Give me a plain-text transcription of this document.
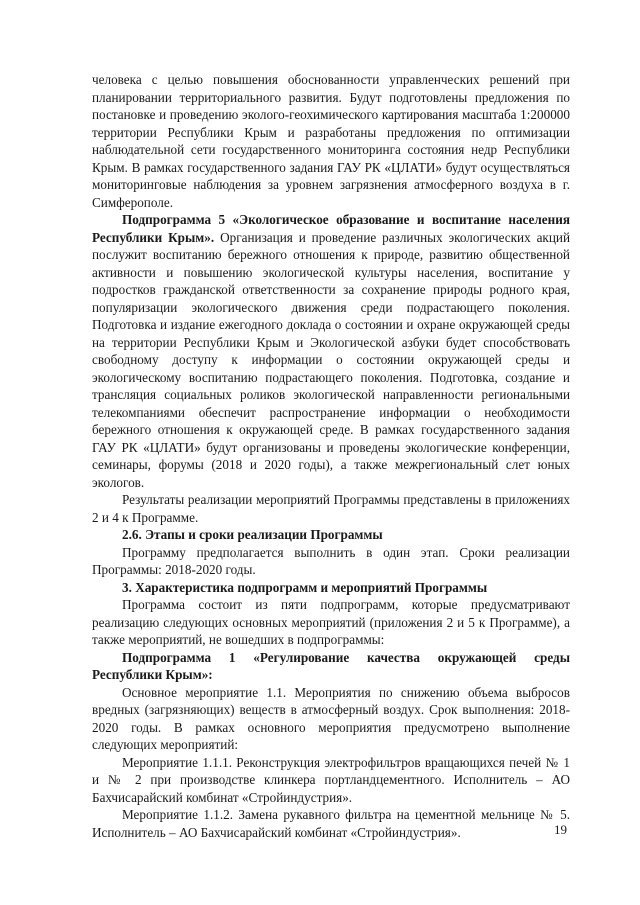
человека с целью повышения обоснованности управленческих решений при планировании территориального развития. Будут подготовлены предложения по постановке и проведению эколого-геохимического картирования масштаба 1:200000 территории Республики Крым и разработаны предложения по оптимизации наблюдательной сети государственного мониторинга состояния недр Республики Крым. В рамках государственного задания ГАУ РК «ЦЛАТИ» будут осуществляться мониторинговые наблюдения за уровнем загрязнения атмосферного воздуха в г. Симферополе.

Подпрограмма 5 «Экологическое образование и воспитание населения Республики Крым». Организация и проведение различных экологических акций послужит воспитанию бережного отношения к природе, развитию общественной активности и повышению экологической культуры населения, воспитание у подростков гражданской ответственности за сохранение природы родного края, популяризации экологического движения среди подрастающего поколения. Подготовка и издание ежегодного доклада о состоянии и охране окружающей среды на территории Республики Крым и Экологической азбуки будет способствовать свободному доступу к информации о состоянии окружающей среды и экологическому воспитанию подрастающего поколения. Подготовка, создание и трансляция социальных роликов экологической направленности региональными телекомпаниями обеспечит распространение информации о необходимости бережного отношения к окружающей среде. В рамках государственного задания ГАУ РК «ЦЛАТИ» будут организованы и проведены экологические конференции, семинары, форумы (2018 и 2020 годы), а также межрегиональный слет юных экологов.

Результаты реализации мероприятий Программы представлены в приложениях 2 и 4 к Программе.

2.6. Этапы и сроки реализации Программы

Программу предполагается выполнить в один этап. Сроки реализации Программы: 2018-2020 годы.

3. Характеристика подпрограмм и мероприятий Программы

Программа состоит из пяти подпрограмм, которые предусматривают реализацию следующих основных мероприятий (приложения 2 и 5 к Программе), а также мероприятий, не вошедших в подпрограммы:

Подпрограмма 1 «Регулирование качества окружающей среды Республики Крым»:

Основное мероприятие 1.1. Мероприятия по снижению объема выбросов вредных (загрязняющих) веществ в атмосферный воздух. Срок выполнения: 2018-2020 годы. В рамках основного мероприятия предусмотрено выполнение следующих мероприятий:

Мероприятие 1.1.1. Реконструкция электрофильтров вращающихся печей № 1 и № 2 при производстве клинкера портландцементного. Исполнитель – АО Бахчисарайский комбинат «Стройиндустрия».

Мероприятие 1.1.2. Замена рукавного фильтра на цементной мельнице № 5. Исполнитель – АО Бахчисарайский комбинат «Стройиндустрия».	19
